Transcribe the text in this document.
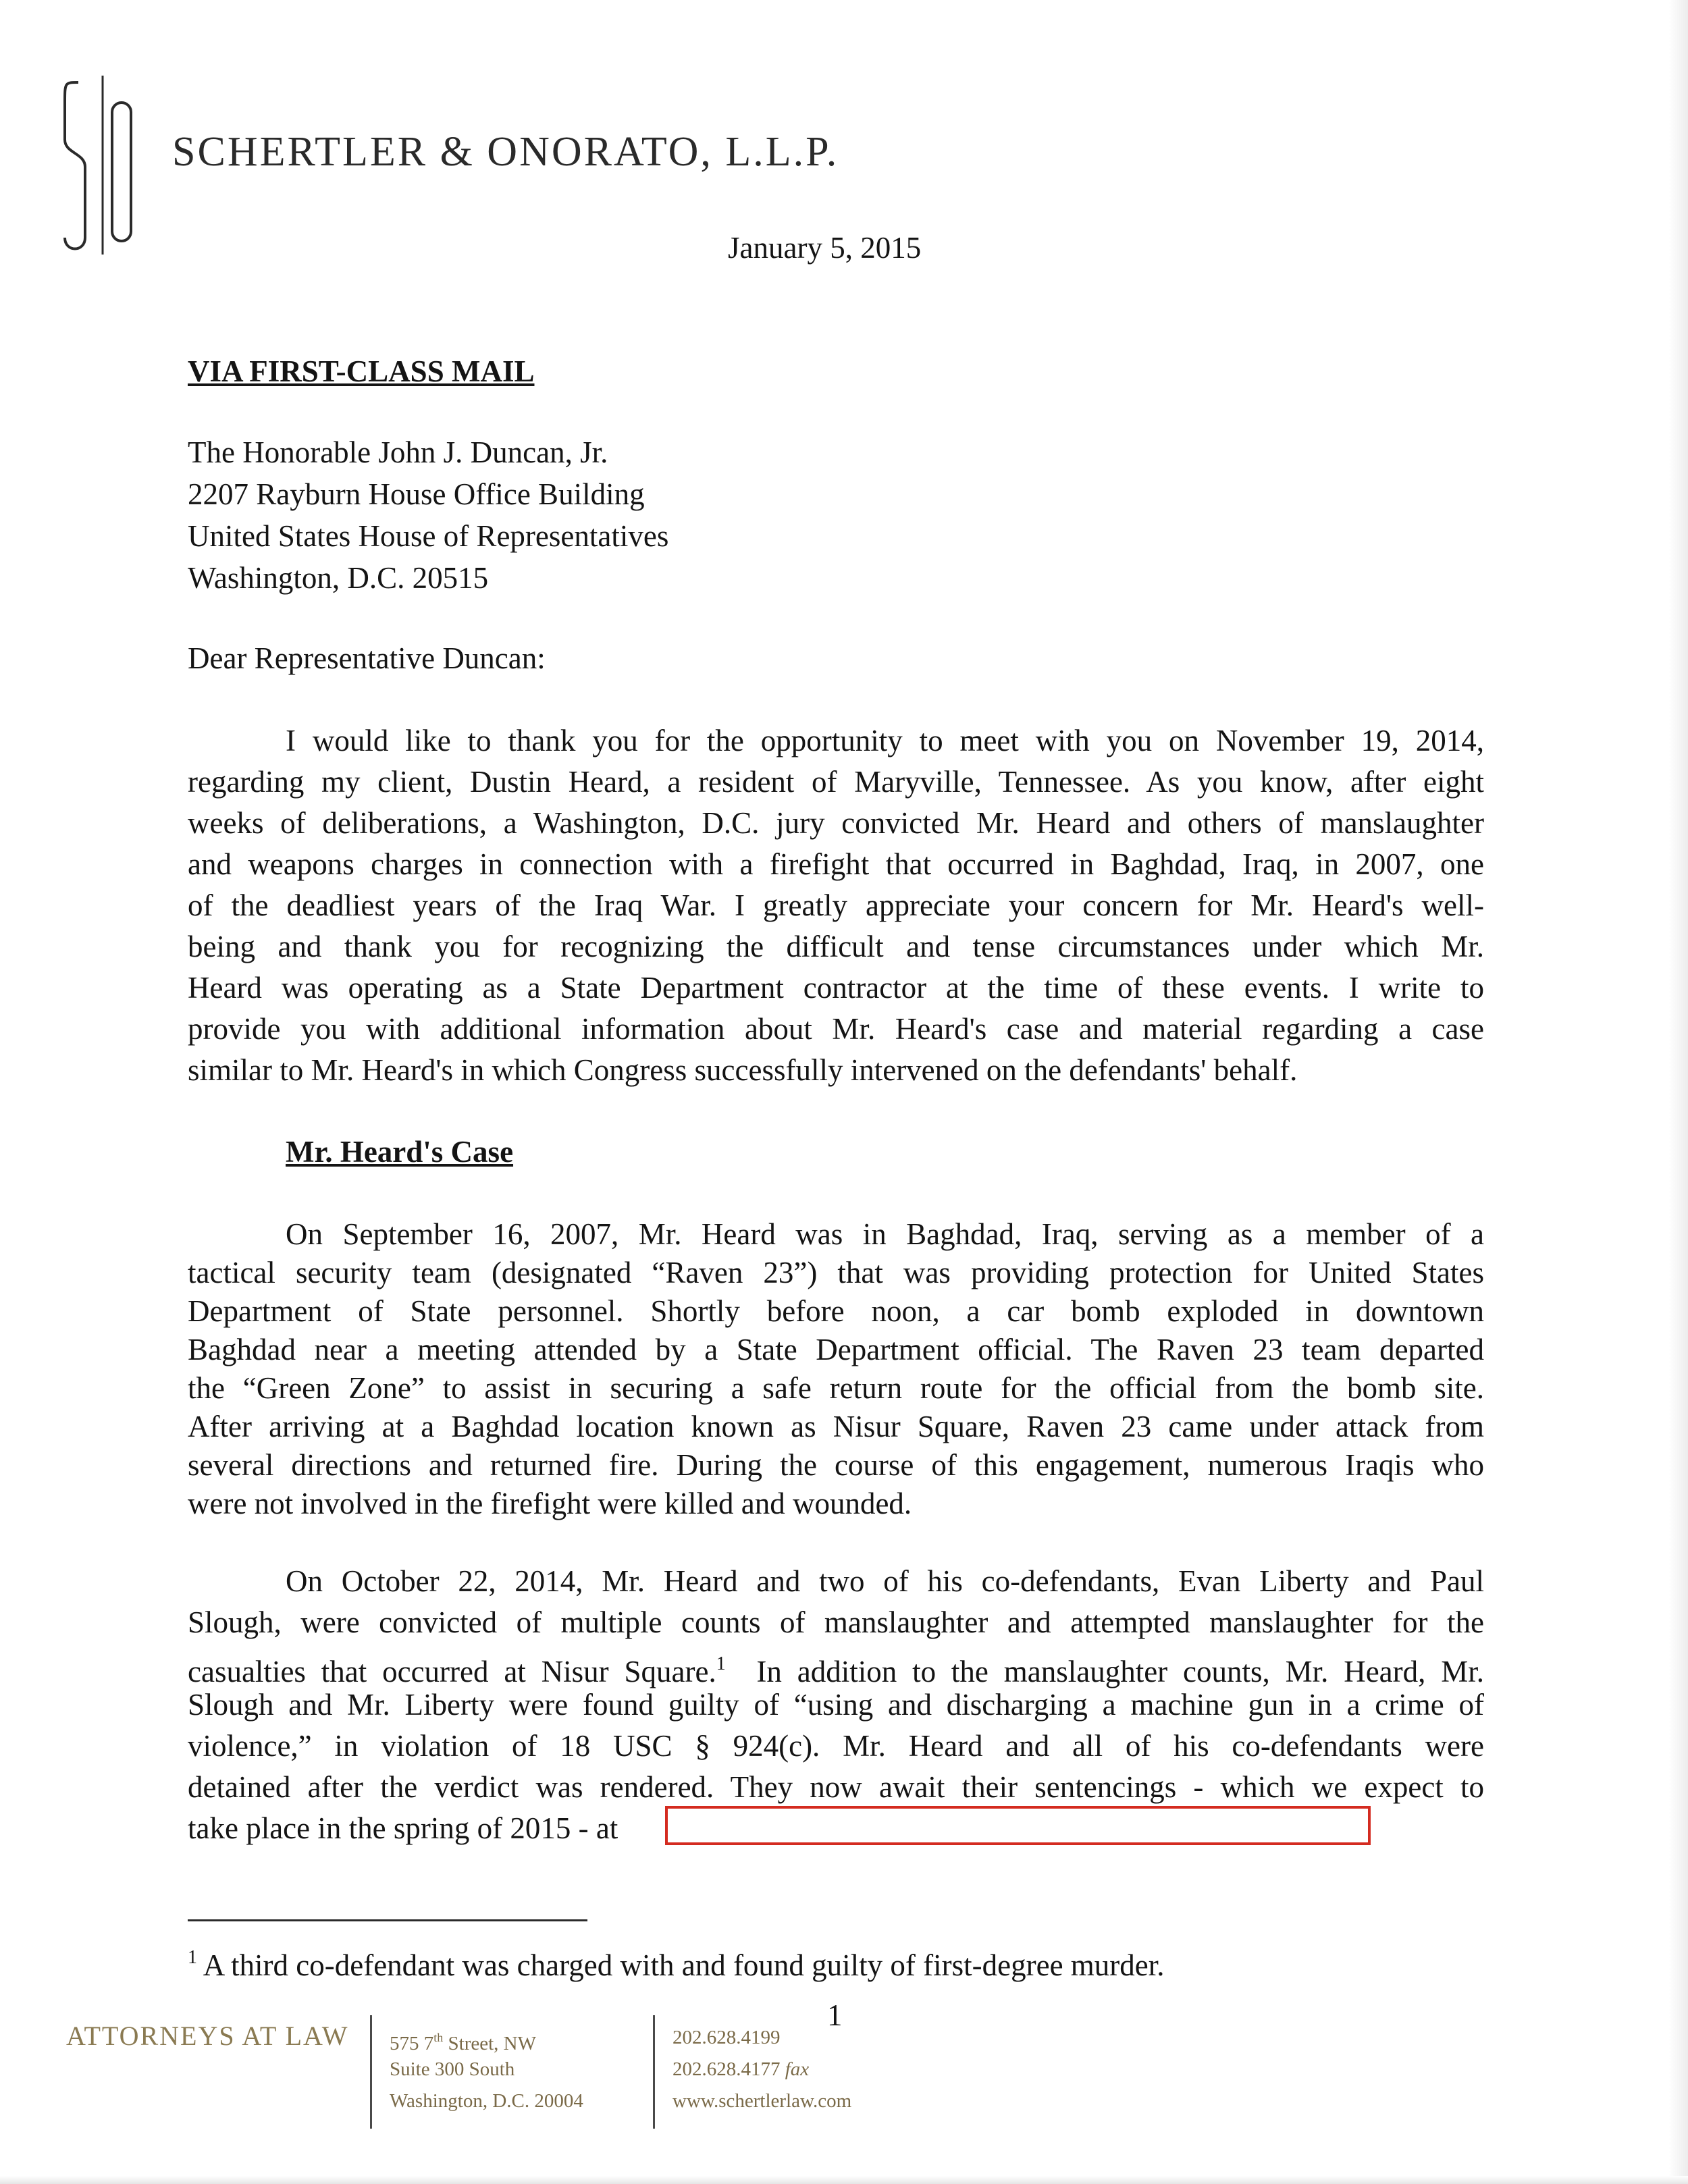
SCHERTLER & ONORATO, L.L.P.
January 5, 2015
VIA FIRST-CLASS MAIL
The Honorable John J. Duncan, Jr.
2207 Rayburn House Office Building
United States House of Representatives
Washington, D.C. 20515
Dear Representative Duncan:
I would like to thank you for the opportunity to meet with you on November 19, 2014,
regarding my client, Dustin Heard, a resident of Maryville, Tennessee. As you know, after eight
weeks of deliberations, a Washington, D.C. jury convicted Mr. Heard and others of manslaughter
and weapons charges in connection with a firefight that occurred in Baghdad, Iraq, in 2007, one
of the deadliest years of the Iraq War. I greatly appreciate your concern for Mr. Heard's well-
being and thank you for recognizing the difficult and tense circumstances under which Mr.
Heard was operating as a State Department contractor at the time of these events. I write to
provide you with additional information about Mr. Heard's case and material regarding a case
similar to Mr. Heard's in which Congress successfully intervened on the defendants' behalf.
Mr. Heard's Case
On September 16, 2007, Mr. Heard was in Baghdad, Iraq, serving as a member of a
tactical security team (designated “Raven 23”) that was providing protection for United States
Department of State personnel. Shortly before noon, a car bomb exploded in downtown
Baghdad near a meeting attended by a State Department official. The Raven 23 team departed
the “Green Zone” to assist in securing a safe return route for the official from the bomb site.
After arriving at a Baghdad location known as Nisur Square, Raven 23 came under attack from
several directions and returned fire. During the course of this engagement, numerous Iraqis who
were not involved in the firefight were killed and wounded.
On October 22, 2014, Mr. Heard and two of his co-defendants, Evan Liberty and Paul
Slough, were convicted of multiple counts of manslaughter and attempted manslaughter for the
casualties that occurred at Nisur Square.$^1$  In addition to the manslaughter counts, Mr. Heard, Mr.
Slough and Mr. Liberty were found guilty of “using and discharging a machine gun in a crime of
violence,” in violation of 18 USC § 924(c). Mr. Heard and all of his co-defendants were
detained after the verdict was rendered. They now await their sentencings - which we expect to
take place in the spring of 2015 - at
$^1$ A third co-defendant was charged with and found guilty of first-degree murder.
ATTORNEYS AT LAW 575 7th Street, NW
Suite 300 South
Washington, D.C. 20004
202.628.4199
202.628.4177 fax
www.schertlerlaw.com
1
